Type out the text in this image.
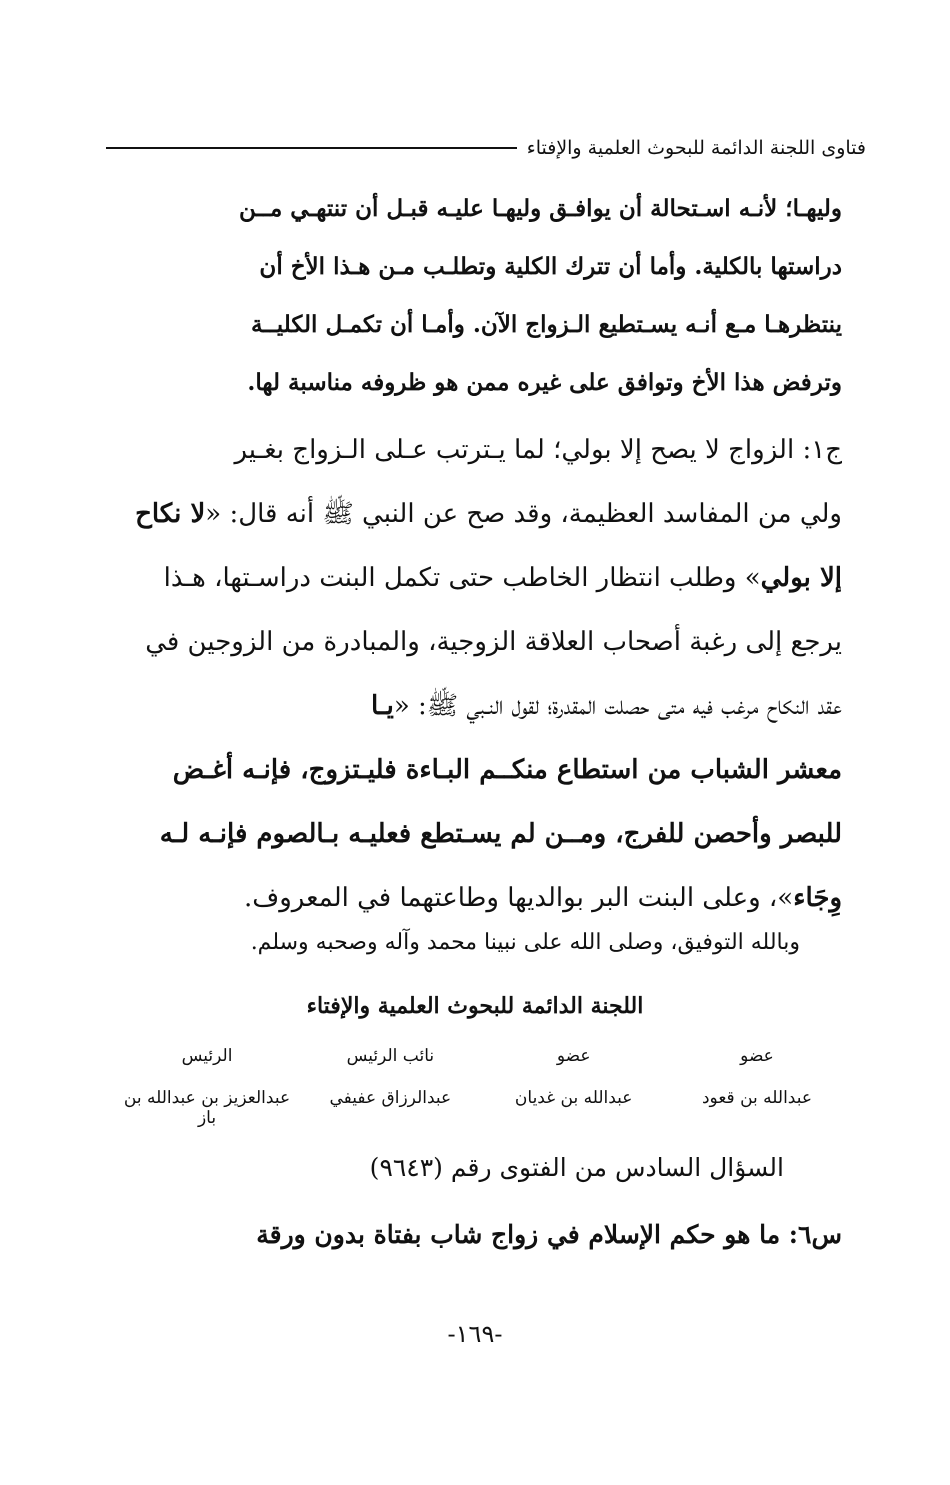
فتاوى اللجنة الدائمة للبحوث العلمية والإفتاء
وليهـا؛ لأنـه اسـتحالة أن يوافـق وليهـا عليـه قبـل أن تنتهـي مــن
دراستها بالكلية. وأما أن تترك الكلية وتطلـب مـن هـذا الأخ أن
ينتظرهـا مـع أنـه يسـتطيع الـزواج الآن. وأمـا أن تكمـل الكليــة
وترفض هذا الأخ وتوافق على غيره ممن هو ظروفه مناسبة لها.
ج١: الزواج لا يصح إلا بولي؛ لما يـترتب عـلى الـزواج بغـير
ولي من المفاسد العظيمة، وقد صح عن النبي ﷺ أنه قال: «لا نكاح
إلا بولي» وطلب انتظار الخاطب حتى تكمل البنت دراسـتها، هـذا
يرجع إلى رغبة أصحاب العلاقة الزوجية، والمبادرة من الزوجين في
عقد النكاح مرغب فيه متى حصلت المقدرة؛ لقول النـبي ﷺ: «يـا
معشر الشباب من استطاع منكــم البـاءة فليـتزوج، فإنـه أغـض
للبصر وأحصن للفرج، ومــن لم يسـتطع فعليـه بـالصوم فإنـه لـه
وِجَاء»، وعلى البنت البر بوالديها وطاعتهما في المعروف.
وبالله التوفيق، وصلى الله على نبينا محمد وآله وصحبه وسلم.
اللجنة الدائمة للبحوث العلمية والإفتاء
عضو
عضو
نائب الرئيس
الرئيس
عبدالله بن قعود
عبدالله بن غديان
عبدالرزاق عفيفي
عبدالعزيز بن عبدالله بن باز
السؤال السادس من الفتوى رقم (٩٦٤٣)
س٦: ما هو حكم الإسلام في زواج شاب بفتاة بدون ورقة
-١٦٩-
